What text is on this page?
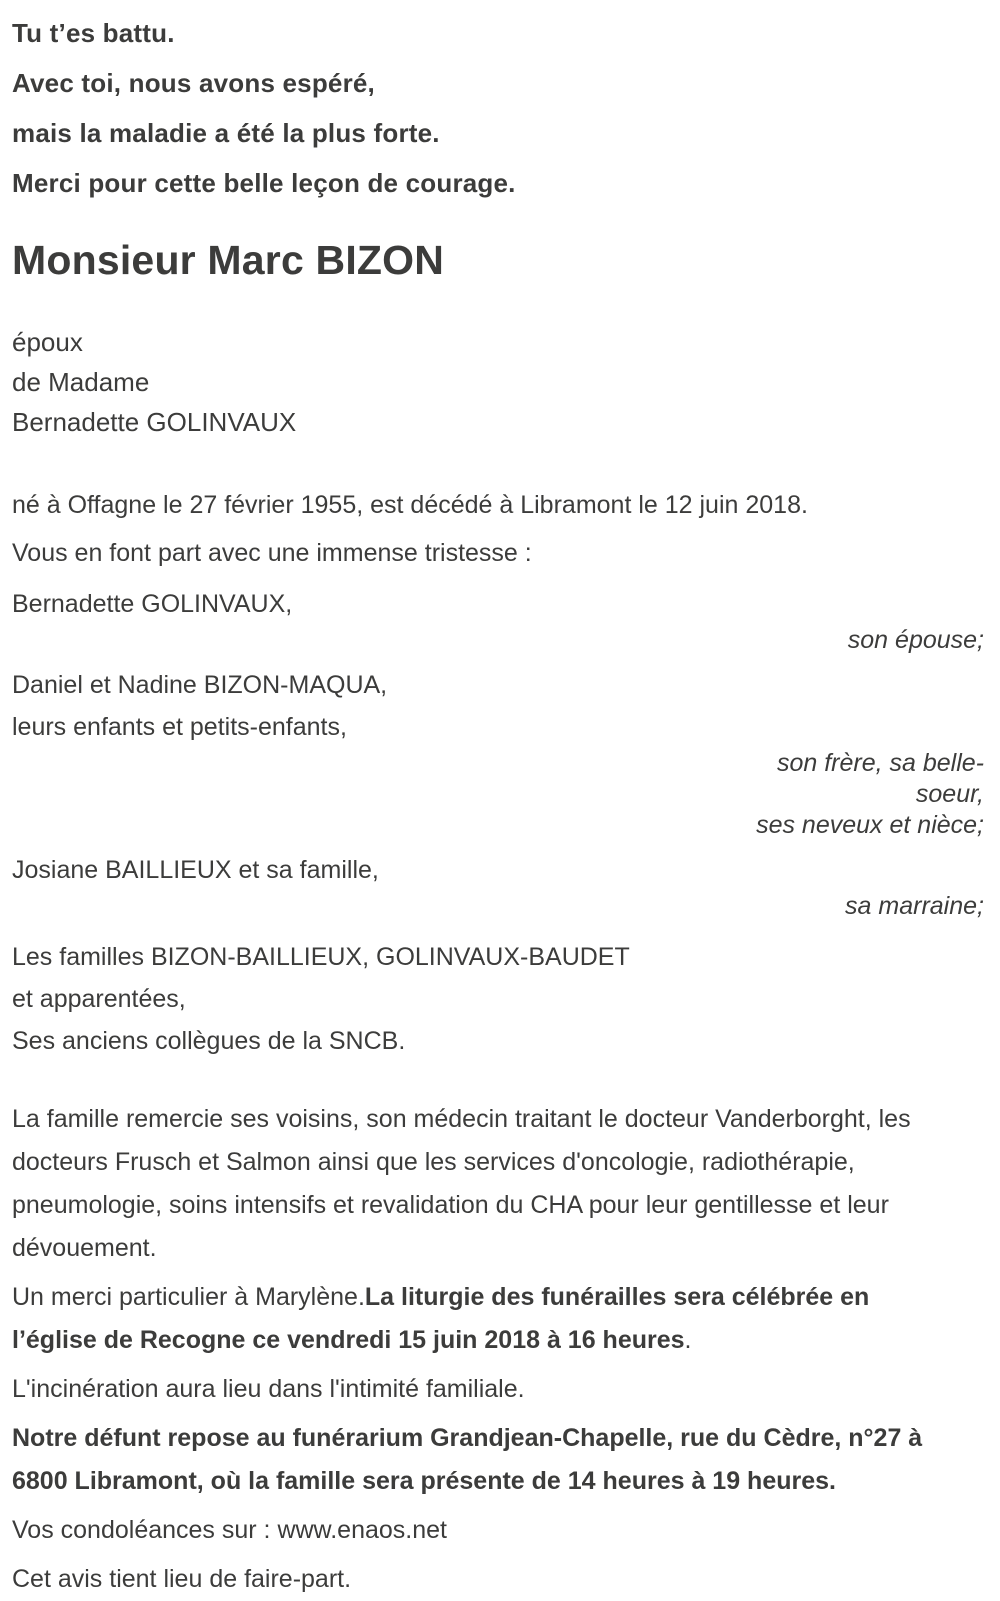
Tu t’es battu.

Avec toi, nous avons espéré,

mais la maladie a été la plus forte.

Merci pour cette belle leçon de courage.

Monsieur Marc BIZON

époux

de Madame

Bernadette GOLINVAUX

né à Offagne le 27 février 1955, est décédé à Libramont le 12 juin 2018.

Vous en font part avec une immense tristesse :

Bernadette GOLINVAUX,

son épouse;

Daniel et Nadine BIZON-MAQUA,

leurs enfants et petits-enfants,

son frère, sa belle-

soeur,

ses neveux et nièce;

Josiane BAILLIEUX et sa famille,

sa marraine;

Les familles BIZON-BAILLIEUX, GOLINVAUX-BAUDET

et apparentées,

Ses anciens collègues de la SNCB.

La famille remercie ses voisins, son médecin traitant le docteur Vanderborght, les docteurs Frusch et Salmon ainsi que les services d'oncologie, radiothérapie, pneumologie, soins intensifs et revalidation du CHA pour leur gentillesse et leur dévouement.

Un merci particulier à Marylène.La liturgie des funérailles sera célébrée en l’église de Recogne ce vendredi 15 juin 2018 à 16 heures.

L'incinération aura lieu dans l'intimité familiale.

Notre défunt repose au funérarium Grandjean-Chapelle, rue du Cèdre, n°27 à 6800 Libramont, où la famille sera présente de 14 heures à 19 heures.

Vos condoléances sur : www.enaos.net

Cet avis tient lieu de faire-part.
